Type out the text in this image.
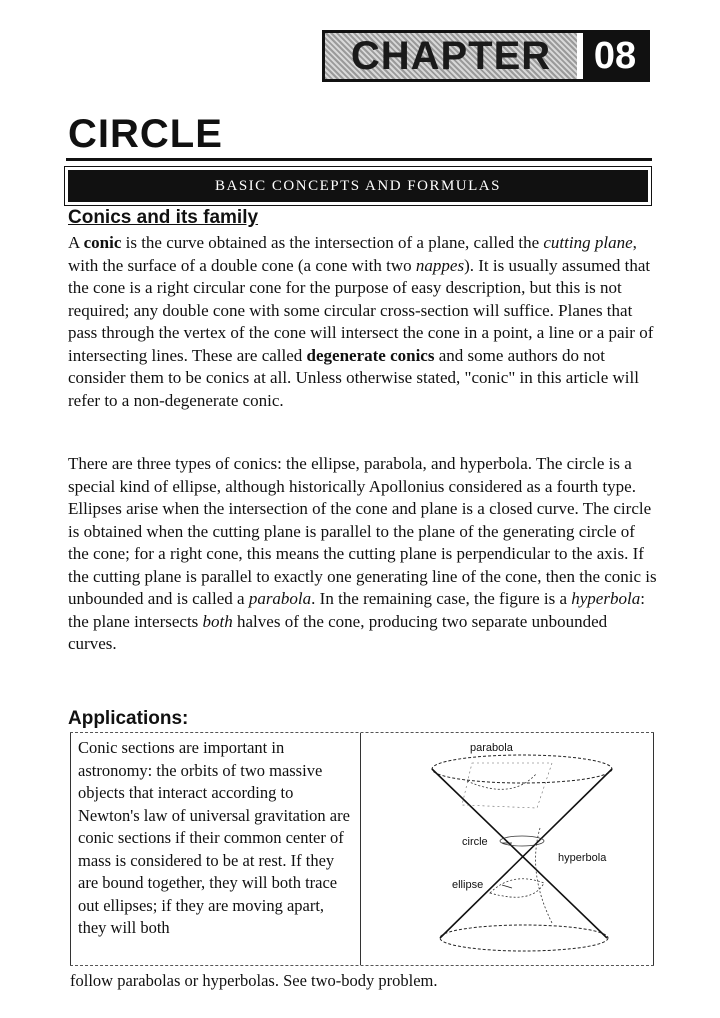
CHAPTER	08
CIRCLE
BASIC CONCEPTS AND FORMULAS
Conics and its family
A conic is the curve obtained as the intersection of a plane, called the cutting plane, with the surface of a double cone (a cone with two nappes). It is usually assumed that the cone is a right circular cone for the purpose of easy description, but this is not required; any double cone with some circular cross-section will suffice. Planes that pass through the vertex of the cone will intersect the cone in a point, a line or a pair of intersecting lines. These are called degenerate conics and some authors do not consider them to be conics at all. Unless otherwise stated, "conic" in this article will refer to a non-degenerate conic.
There are three types of conics: the ellipse, parabola, and hyperbola. The circle is a special kind of ellipse, although historically Apollonius considered as a fourth type. Ellipses arise when the intersection of the cone and plane is a closed curve. The circle is obtained when the cutting plane is parallel to the plane of the generating circle of the cone; for a right cone, this means the cutting plane is perpendicular to the axis. If the cutting plane is parallel to exactly one generating line of the cone, then the conic is unbounded and is called a parabola. In the remaining case, the figure is a hyperbola: the plane intersects both halves of the cone, producing two separate unbounded curves.
Applications:
Conic sections are important in astronomy: the orbits of two massive objects that interact according to Newton's law of universal gravitation are conic sections if their common center of mass is considered to be at rest. If they are bound together, they will both trace out ellipses; if they are moving apart, they will both
parabola
circle
hyperbola
ellipse
follow parabolas or hyperbolas. See two-body problem.
